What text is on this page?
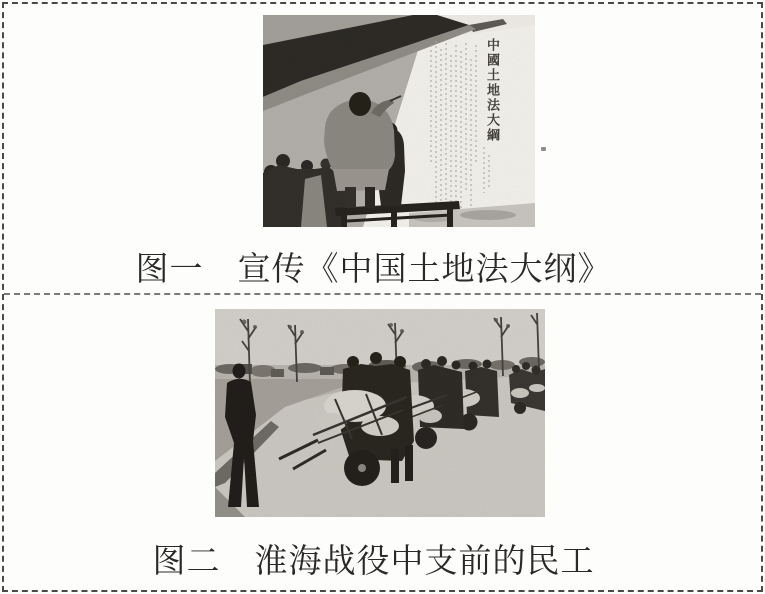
中國土地法大綱
图一 宣传《中国土地法大纲》
图二 淮海战役中支前的民工
